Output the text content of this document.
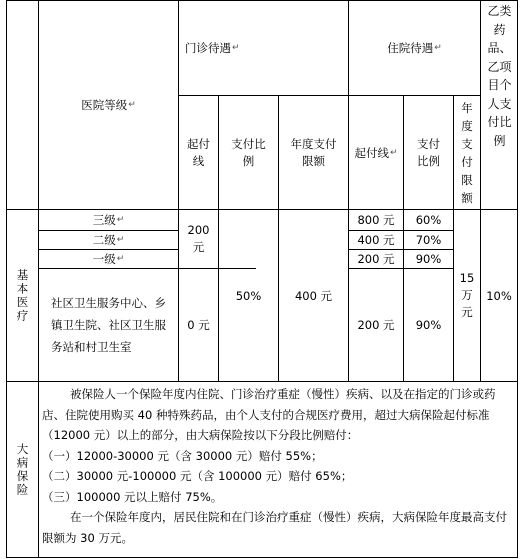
医院等级 ↵
门诊待遇 ↵	住院待遇 ↵
乙类药品、乙项目个人支付比例
起付
线
支付比
例
年度支付
限额
起付线 ↵
支付
比例
年度支付限额
基本医疗
三级 ↵
二级 ↵
一级 ↵
社区卫生服务中心、乡
镇卫生院、社区卫生服
务站和村卫生室
200
元
0 元
50%	400 元
800 元
400 元
200 元
200 元
60%
70%
90%
90%
15
万
元
10%
大病保险

被保险人一个保险年度内住院、门诊治疗重症（慢性）疾病、以及在指定的门诊或药店、住院使用购买 40 种特殊药品，由个人支付的合规医疗费用，超过大病保险起付标准（12000 元）以上的部分，由大病保险按以下分段比例赔付：

（一）12000-30000 元（含 30000 元）赔付 55%；

（二）30000 元-100000 元（含 100000 元）赔付 65%；

（三）100000 元以上赔付 75%。

在一个保险年度内，居民住院和在门诊治疗重症（慢性）疾病，大病保险年度最高支付限额为 30 万元。
